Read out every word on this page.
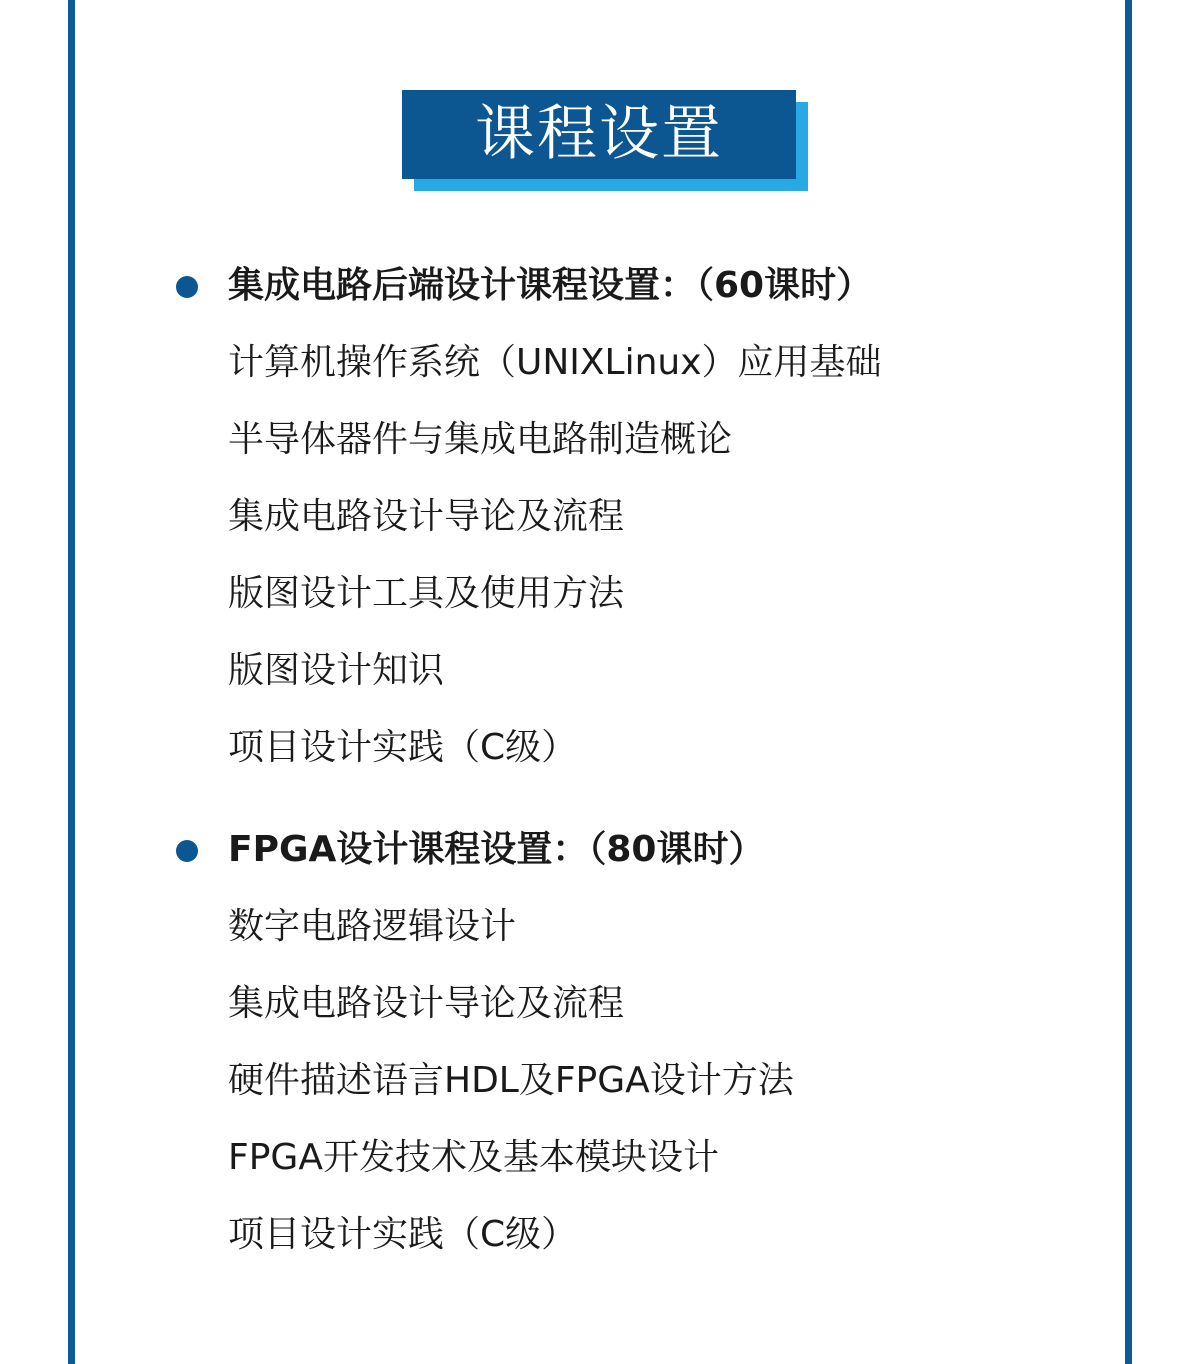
课程设置
集成电路后端设计课程设置：（60课时）
计算机操作系统（UNIXLinux）应用基础
半导体器件与集成电路制造概论
集成电路设计导论及流程
版图设计工具及使用方法
版图设计知识
项目设计实践（C级）
FPGA设计课程设置：（80课时）
数字电路逻辑设计
集成电路设计导论及流程
硬件描述语言HDL及FPGA设计方法
FPGA开发技术及基本模块设计
项目设计实践（C级）
